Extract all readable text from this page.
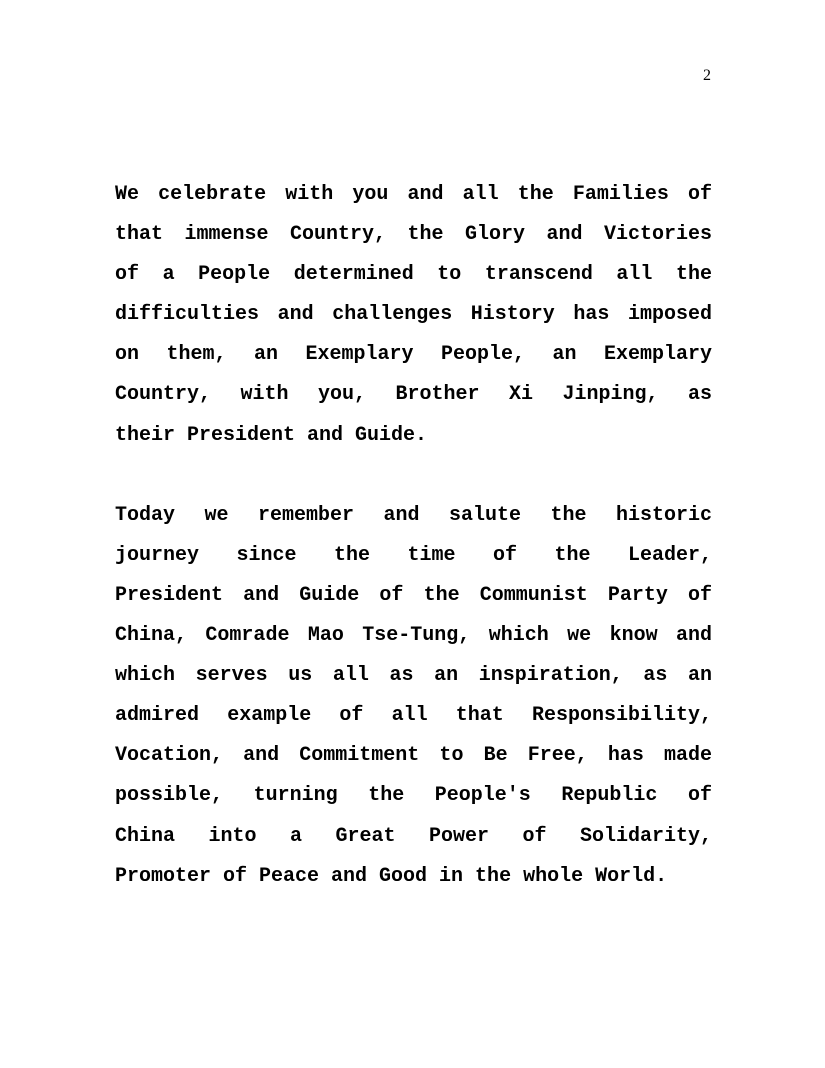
2
We celebrate with you and all the Families of
that immense Country, the Glory and Victories
of a People determined to transcend all the
difficulties and challenges History has imposed
on them, an Exemplary People, an Exemplary
Country, with you, Brother Xi Jinping, as
their President and Guide.
Today we remember and salute the historic
journey since the time of the Leader,
President and Guide of the Communist Party of
China, Comrade Mao Tse-Tung, which we know and
which serves us all as an inspiration, as an
admired example of all that Responsibility,
Vocation, and Commitment to Be Free, has made
possible, turning the People's Republic of
China into a Great Power of Solidarity,
Promoter of Peace and Good in the whole World.
